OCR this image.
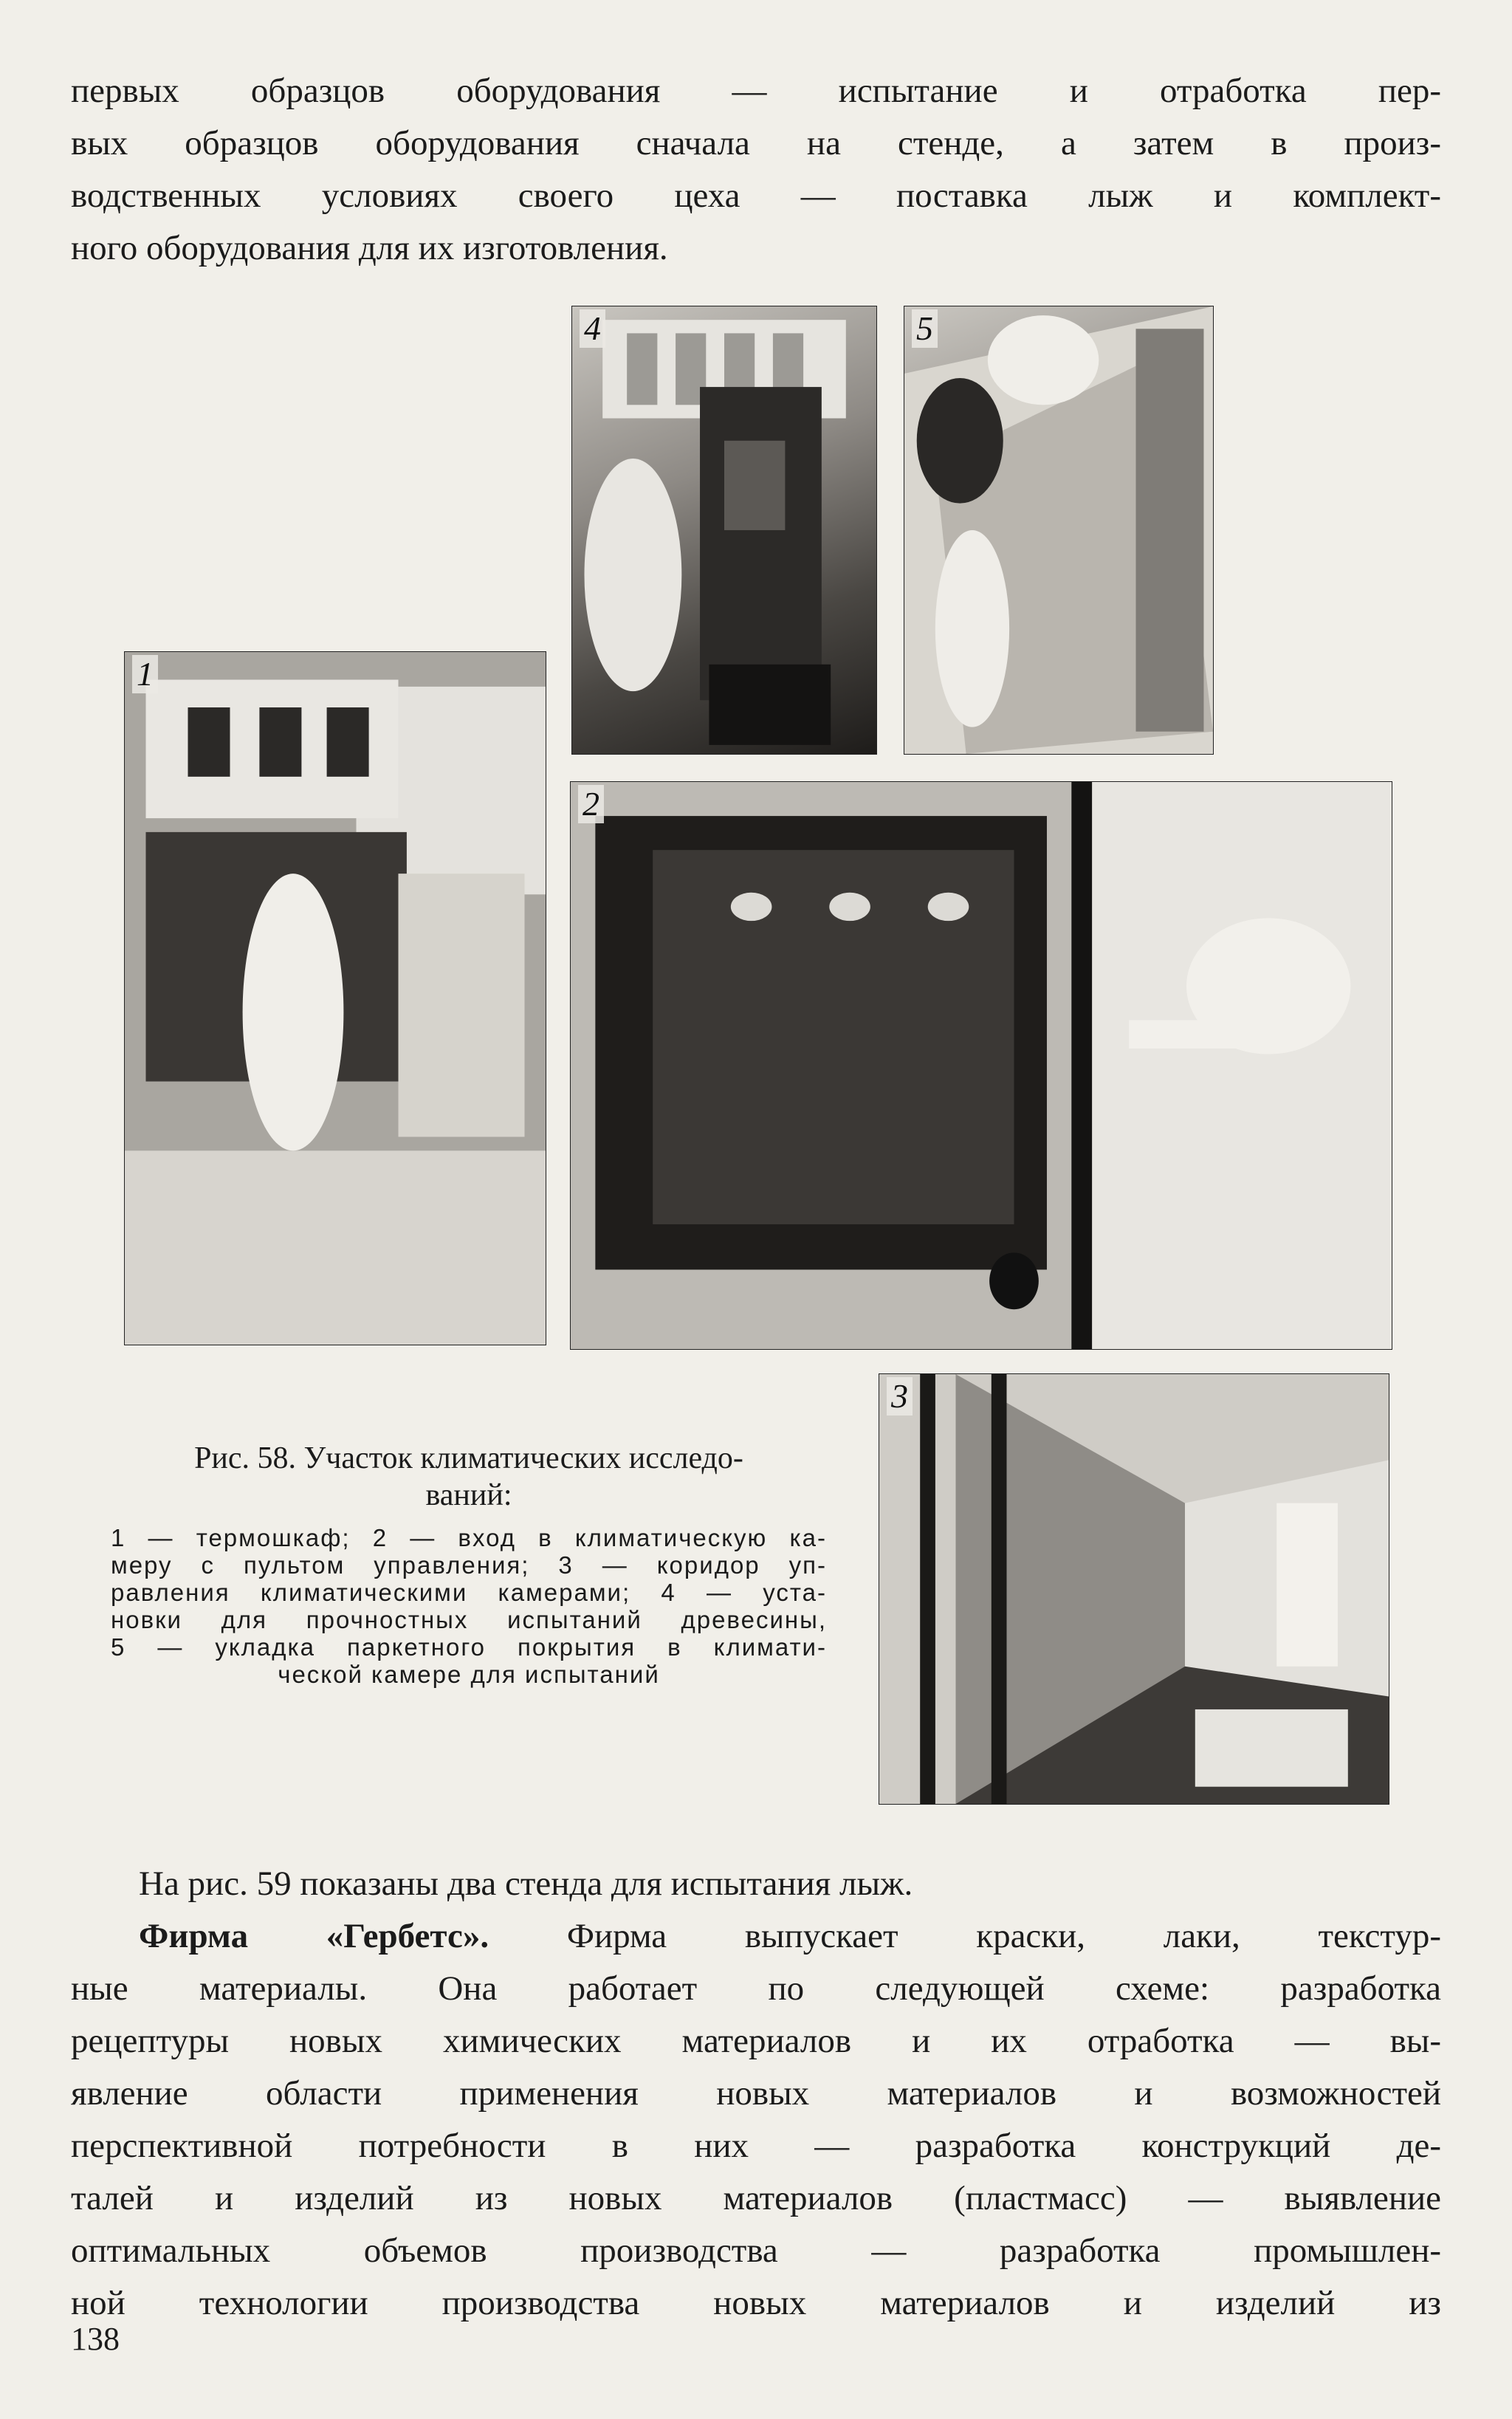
первых образцов оборудования — испытание и отработка пер-
вых образцов оборудования сначала на стенде, а затем в произ-
водственных условиях своего цеха — поставка лыж и комплект-
ного оборудования для их изготовления.
4	5
1
2
3

Рис. 58. Участок климатических исследо-
ваний:

1 — термошкаф; 2 — вход в климатическую ка-
меру с пультом управления; 3 — коридор уп-
равления климатическими камерами; 4 — уста-
новки для прочностных испытаний древесины,
5 — укладка паркетного покрытия в климати-
ческой камере для испытаний

На рис. 59 показаны два стенда для испытания лыж.
Фирма «Гербетс». Фирма выпускает краски, лаки, текстур-
ные материалы. Она работает по следующей схеме: разработка
рецептуры новых химических материалов и их отработка — вы-
явление области применения новых материалов и возможностей
перспективной потребности в них — разработка конструкций де-
талей и изделий из новых материалов (пластмасс) — выявление
оптимальных объемов производства — разработка промышлен-
ной технологии производства новых материалов и изделий из
138
